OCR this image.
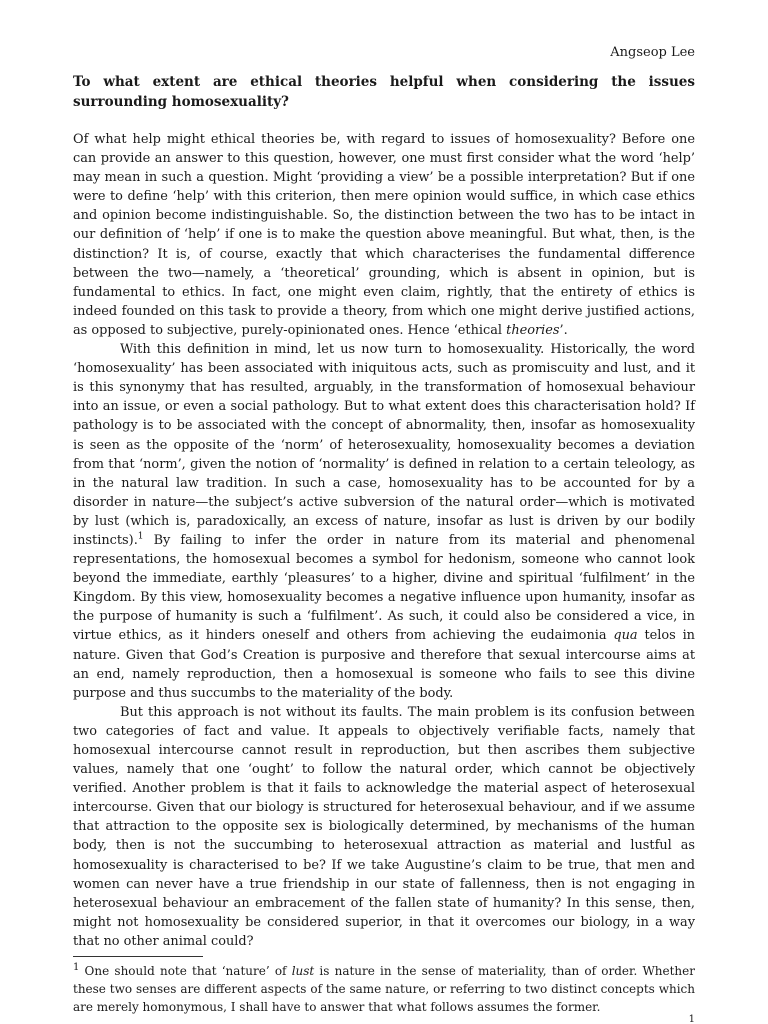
Angseop Lee
To what extent are ethical theories helpful when considering the issues surrounding homosexuality?

Of what help might ethical theories be, with regard to issues of homosexuality? Before one can provide an answer to this question, however, one must first consider what the word ‘help’ may mean in such a question. Might ‘providing a view’ be a possible interpretation? But if one were to define ‘help’ with this criterion, then mere opinion would suffice, in which case ethics and opinion become indistinguishable. So, the distinction between the two has to be intact in our definition of ‘help’ if one is to make the question above meaningful. But what, then, is the distinction? It is, of course, exactly that which characterises the fundamental difference between the two—namely, a ‘theoretical’ grounding, which is absent in opinion, but is fundamental to ethics. In fact, one might even claim, rightly, that the entirety of ethics is indeed founded on this task to provide a theory, from which one might derive justified actions, as opposed to subjective, purely-opinionated ones. Hence ‘ethical theories’.

With this definition in mind, let us now turn to homosexuality. Historically, the word ‘homosexuality’ has been associated with iniquitous acts, such as promiscuity and lust, and it is this synonymy that has resulted, arguably, in the transformation of homosexual behaviour into an issue, or even a social pathology. But to what extent does this characterisation hold? If pathology is to be associated with the concept of abnormality, then, insofar as homosexuality is seen as the opposite of the ‘norm’ of heterosexuality, homosexuality becomes a deviation from that ‘norm’, given the notion of ‘normality’ is defined in relation to a certain teleology, as in the natural law tradition. In such a case, homosexuality has to be accounted for by a disorder in nature—the subject’s active subversion of the natural order—which is motivated by lust (which is, paradoxically, an excess of nature, insofar as lust is driven by our bodily instincts).$^1$ By failing to infer the order in nature from its material and phenomenal representations, the homosexual becomes a symbol for hedonism, someone who cannot look beyond the immediate, earthly ‘pleasures’ to a higher, divine and spiritual ‘fulfilment’ in the Kingdom. By this view, homosexuality becomes a negative influence upon humanity, insofar as the purpose of humanity is such a ‘fulfilment’. As such, it could also be considered a vice, in virtue ethics, as it hinders oneself and others from achieving the eudaimonia qua telos in nature. Given that God’s Creation is purposive and therefore that sexual intercourse aims at an end, namely reproduction, then a homosexual is someone who fails to see this divine purpose and thus succumbs to the materiality of the body.

But this approach is not without its faults. The main problem is its confusion between two categories of fact and value. It appeals to objectively verifiable facts, namely that homosexual intercourse cannot result in reproduction, but then ascribes them subjective values, namely that one ‘ought’ to follow the natural order, which cannot be objectively verified. Another problem is that it fails to acknowledge the material aspect of heterosexual intercourse. Given that our biology is structured for heterosexual behaviour, and if we assume that attraction to the opposite sex is biologically determined, by mechanisms of the human body, then is not the succumbing to heterosexual attraction as material and lustful as homosexuality is characterised to be? If we take Augustine’s claim to be true, that men and women can never have a true friendship in our state of fallenness, then is not engaging in heterosexual behaviour an embracement of the fallen state of humanity? In this sense, then, might not homosexuality be considered superior, in that it overcomes our biology, in a way that no other animal could?

$^1$ One should note that ‘nature’ of lust is nature in the sense of materiality, than of order. Whether these two senses are different aspects of the same nature, or referring to two distinct concepts which are merely homonymous, I shall have to answer that what follows assumes the former.
1
